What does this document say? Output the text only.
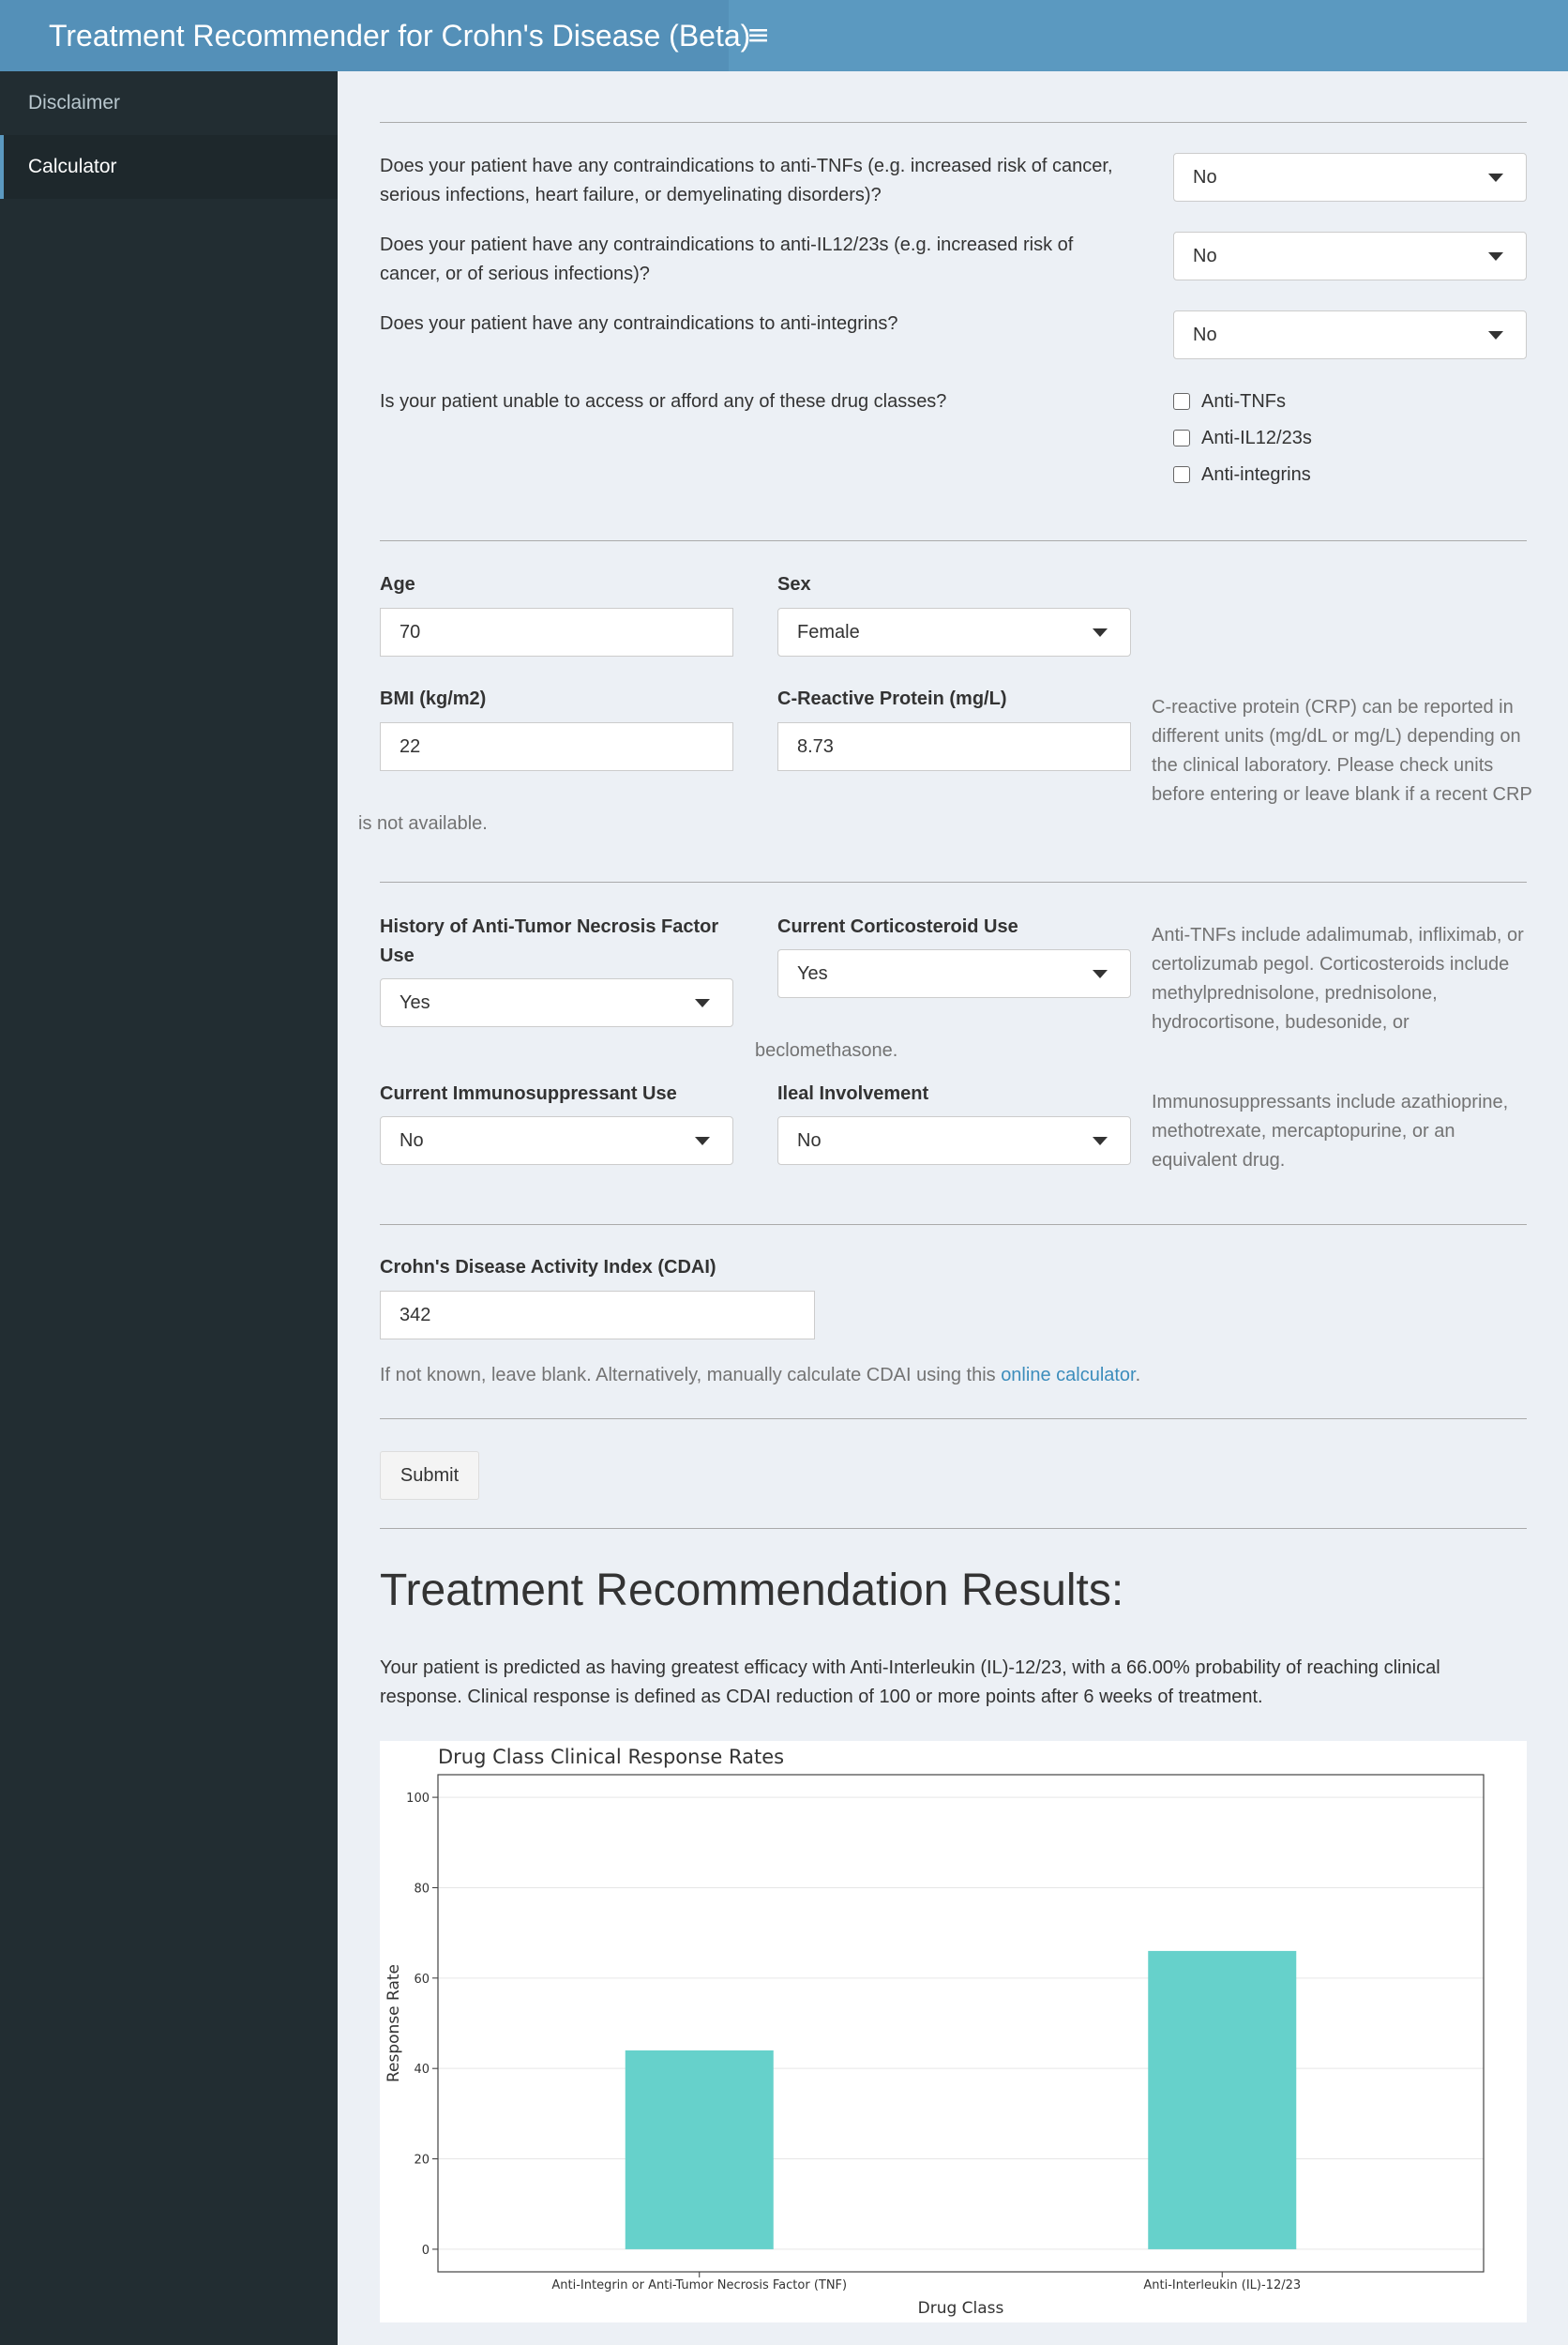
Treatment Recommender for Crohn's Disease (Beta)
≡
Disclaimer
Calculator	Does your patient have any contraindications to anti-TNFs (e.g. increased risk of cancer,
serious infections, heart failure, or demyelinating disorders)?
No
Does your patient have any contraindications to anti-IL12/23s (e.g. increased risk of
cancer, or of serious infections)?
No
Does your patient have any contraindications to anti-integrins?
No
Is your patient unable to access or afford any of these drug classes?	Anti-TNFs
Anti-IL12/23s
Anti-integrins
Age
70
Sex
Female
BMI (kg/m2)
22
C-Reactive Protein (mg/L)
8.73
C-reactive protein (CRP) can be reported in
different units (mg/dL or mg/L) depending on
the clinical laboratory. Please check units
before entering or leave blank if a recent CRP
is not available.
History of Anti-Tumor Necrosis Factor
Use
Yes
Current Corticosteroid Use
Yes
Anti-TNFs include adalimumab, infliximab, or
certolizumab pegol. Corticosteroids include
methylprednisolone, prednisolone,
hydrocortisone, budesonide, or
beclomethasone.
Current Immunosuppressant Use
No
Ileal Involvement
No
Immunosuppressants include azathioprine,
methotrexate, mercaptopurine, or an
equivalent drug.
Crohn's Disease Activity Index (CDAI)
342
If not known, leave blank. Alternatively, manually calculate CDAI using this online calculator.
Submit
Treatment Recommendation Results:
Your patient is predicted as having greatest efficacy with Anti-Interleukin (IL)-12/23, with a 66.00% probability of reaching clinical
response. Clinical response is defined as CDAI reduction of 100 or more points after 6 weeks of treatment.
0
20
40
60
80
100
Anti-Integrin or Anti-Tumor Necrosis Factor (TNF)	Anti-Interleukin (IL)-12/23
Drug Class Clinical Response Rates
Drug Class
Response Rate
